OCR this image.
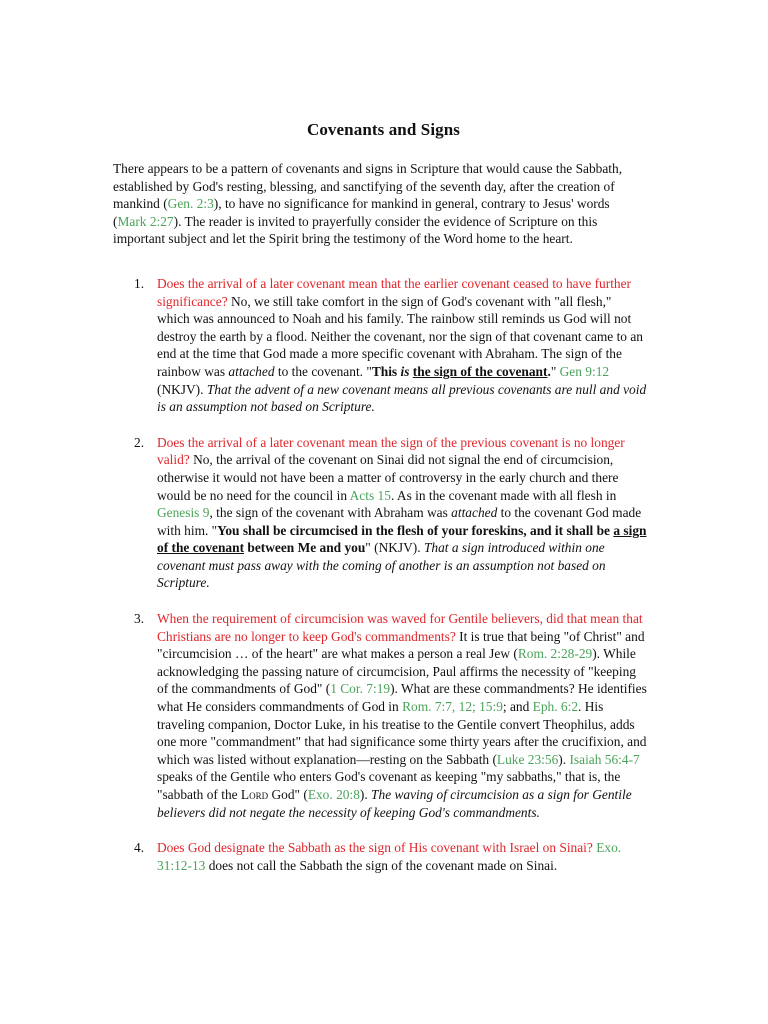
Covenants and Signs

There appears to be a pattern of covenants and signs in Scripture that would cause the Sabbath, established by God's resting, blessing, and sanctifying of the seventh day, after the creation of mankind (Gen. 2:3), to have no significance for mankind in general, contrary to Jesus' words (Mark 2:27). The reader is invited to prayerfully consider the evidence of Scripture on this important subject and let the Spirit bring the testimony of the Word home to the heart.

1. Does the arrival of a later covenant mean that the earlier covenant ceased to have further significance? No, we still take comfort in the sign of God's covenant with "all flesh," which was announced to Noah and his family. The rainbow still reminds us God will not destroy the earth by a flood. Neither the covenant, nor the sign of that covenant came to an end at the time that God made a more specific covenant with Abraham. The sign of the rainbow was attached to the covenant. "This is the sign of the covenant." Gen 9:12 (NKJV). That the advent of a new covenant means all previous covenants are null and void is an assumption not based on Scripture.
2. Does the arrival of a later covenant mean the sign of the previous covenant is no longer valid? No, the arrival of the covenant on Sinai did not signal the end of circumcision, otherwise it would not have been a matter of controversy in the early church and there would be no need for the council in Acts 15. As in the covenant made with all flesh in Genesis 9, the sign of the covenant with Abraham was attached to the covenant God made with him. "You shall be circumcised in the flesh of your foreskins, and it shall be a sign of the covenant between Me and you" (NKJV). That a sign introduced within one covenant must pass away with the coming of another is an assumption not based on Scripture.
3. When the requirement of circumcision was waved for Gentile believers, did that mean that Christians are no longer to keep God's commandments? It is true that being "of Christ" and "circumcision … of the heart" are what makes a person a real Jew (Rom. 2:28-29). While acknowledging the passing nature of circumcision, Paul affirms the necessity of "keeping of the commandments of God" (1 Cor. 7:19). What are these commandments? He identifies what He considers commandments of God in Rom. 7:7, 12; 15:9; and Eph. 6:2. His traveling companion, Doctor Luke, in his treatise to the Gentile convert Theophilus, adds one more "commandment" that had significance some thirty years after the crucifixion, and which was listed without explanation—resting on the Sabbath (Luke 23:56). Isaiah 56:4-7 speaks of the Gentile who enters God's covenant as keeping "my sabbaths," that is, the "sabbath of the Lord God" (Exo. 20:8). The waving of circumcision as a sign for Gentile believers did not negate the necessity of keeping God's commandments.
4. Does God designate the Sabbath as the sign of His covenant with Israel on Sinai? Exo. 31:12-13 does not call the Sabbath the sign of the covenant made on Sinai.
